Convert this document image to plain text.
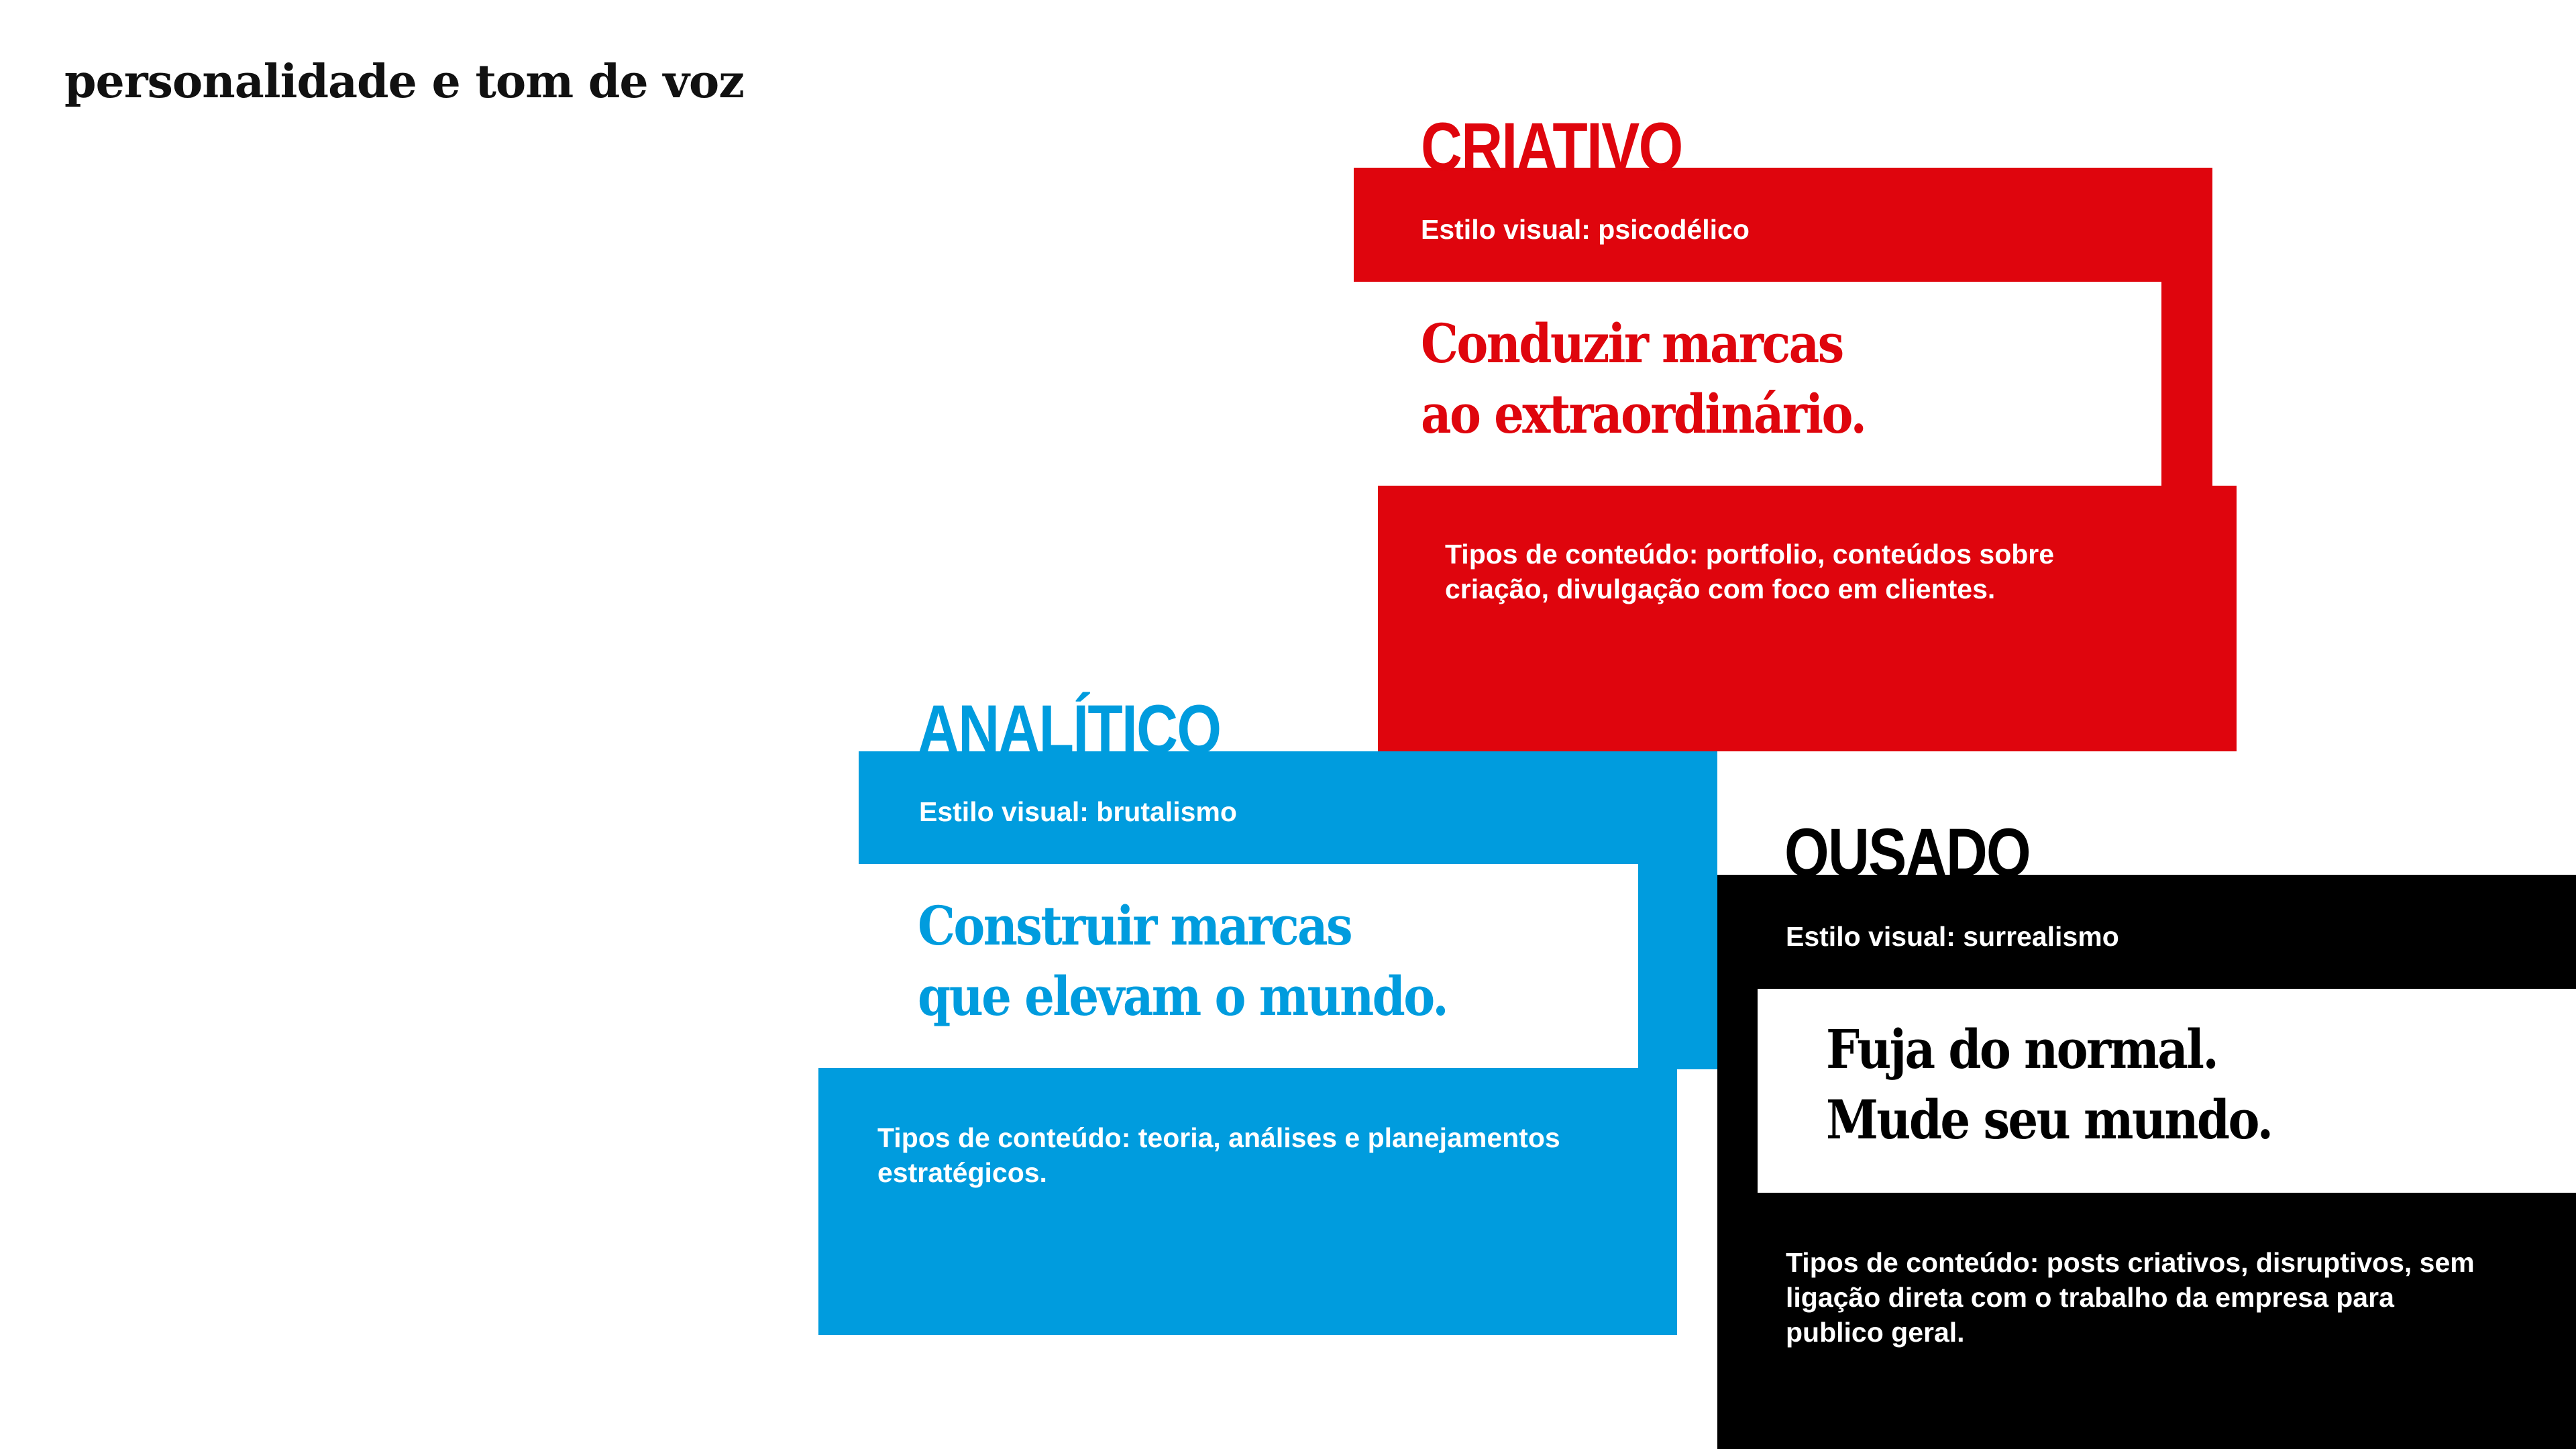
personalidade e tom de voz
CRIATIVO

Estilo visual: psicodélico

Conduzir marcas
ao extraordinário.

Tipos de conteúdo: portfolio, conteúdos sobre criação, divulgação com foco em clientes.

ANALÍTICO

Estilo visual: brutalismo

Construir marcas
que elevam o mundo.

Tipos de conteúdo: teoria, análises e planejamentos estratégicos.

OUSADO

Estilo visual: surrealismo

Fuja do normal.
Mude seu mundo.

Tipos de conteúdo: posts criativos, disruptivos, sem ligação direta com o trabalho da empresa para publico geral.
